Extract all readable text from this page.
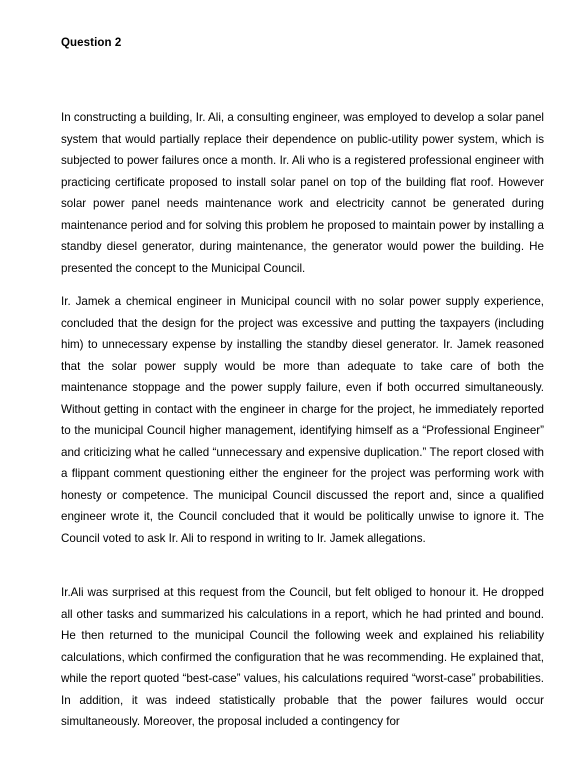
Question 2

In constructing a building, Ir. Ali, a consulting engineer, was employed to develop a solar panel system that would partially replace their dependence on public-utility power system, which is subjected to power failures once a month. Ir. Ali who is a registered professional engineer with practicing certificate proposed to install solar panel on top of the building flat roof. However solar power panel needs maintenance work and electricity cannot be generated during maintenance period and for solving this problem he proposed to maintain power by installing a standby diesel generator, during maintenance, the generator would power the building. He presented the concept to the Municipal Council.

Ir. Jamek a chemical engineer in Municipal council with no solar power supply experience, concluded that the design for the project was excessive and putting the taxpayers (including him) to unnecessary expense by installing the standby diesel generator. Ir. Jamek reasoned that the solar power supply would be more than adequate to take care of both the maintenance stoppage and the power supply failure, even if both occurred simultaneously. Without getting in contact with the engineer in charge for the project, he immediately reported to the municipal Council higher management, identifying himself as a “Professional Engineer” and criticizing what he called “unnecessary and expensive duplication.” The report closed with a flippant comment questioning either the engineer for the project was performing work with honesty or competence. The municipal Council discussed the report and, since a qualified engineer wrote it, the Council concluded that it would be politically unwise to ignore it. The Council voted to ask Ir. Ali to respond in writing to Ir. Jamek allegations.

Ir.Ali was surprised at this request from the Council, but felt obliged to honour it. He dropped all other tasks and summarized his calculations in a report, which he had printed and bound. He then returned to the municipal Council the following week and explained his reliability calculations, which confirmed the configuration that he was recommending. He explained that, while the report quoted “best-case” values, his calculations required “worst-case” probabilities. In addition, it was indeed statistically probable that the power failures would occur simultaneously. Moreover, the proposal included a contingency for
